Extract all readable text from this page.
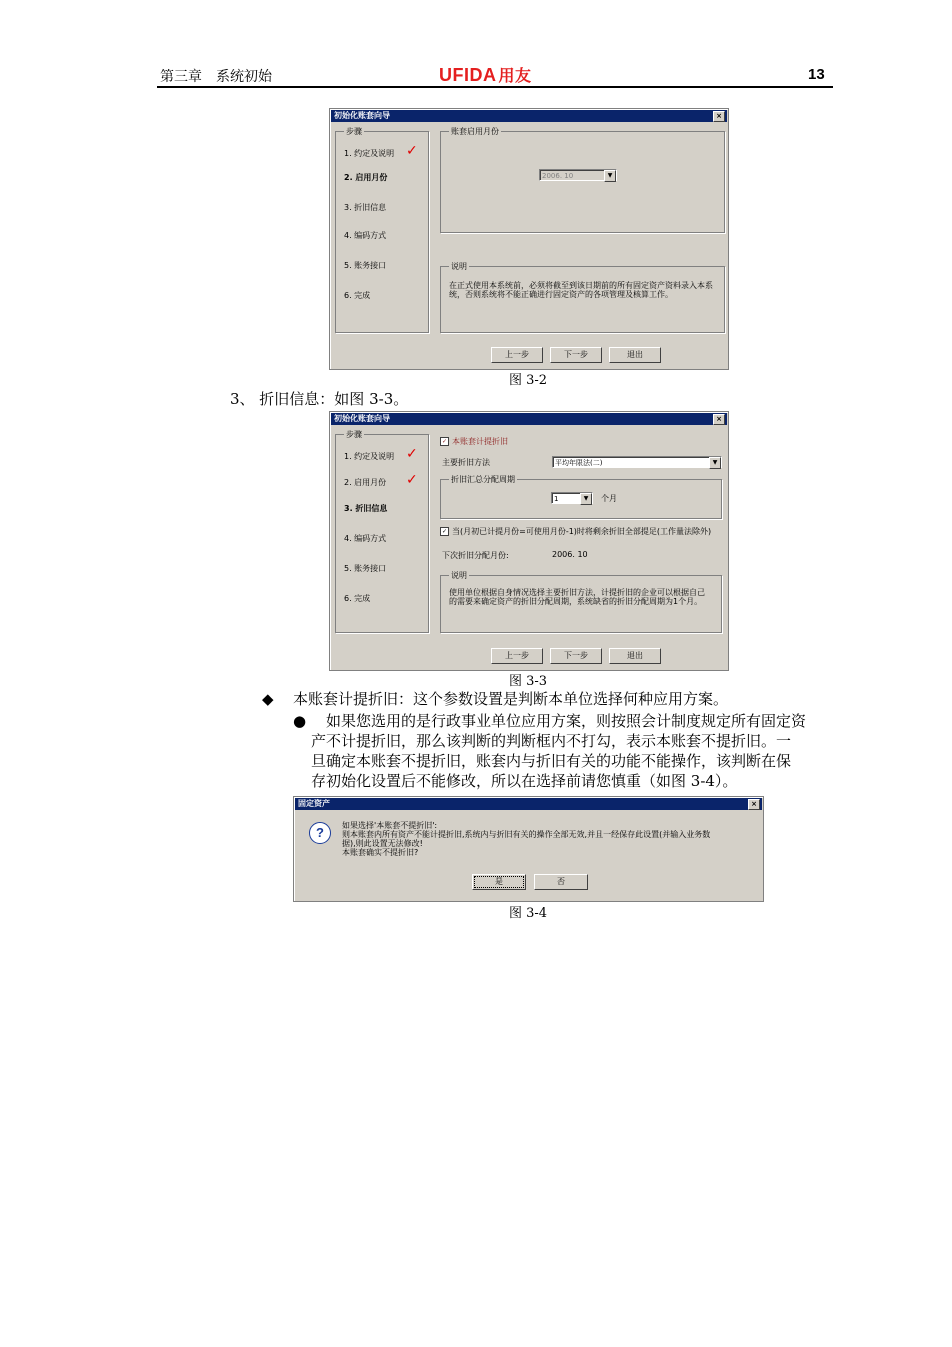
第三章　系统初始	UFIDA 用友	13
初始化账套向导	×
步骤
1. 约定及说明 ✓
2. 启用月份
3. 折旧信息
4. 编码方式
5. 账务接口
6. 完成
账套启用月份
2006. 10	▼
说明
在正式使用本系统前，必须将截至到该日期前的所有固定资产资料录入本系统，否则系统将不能正确进行固定资产的各项管理及核算工作。
上一步	下一步	退出
图 3-2
3、 折旧信息：如图 3-3。
初始化账套向导	×
步骤
1. 约定及说明 ✓
2. 启用月份 ✓
3. 折旧信息
4. 编码方式
5. 账务接口
6. 完成
✓ 本账套计提折旧
主要折旧方法	平均年限法(二)	▼
折旧汇总分配周期
1	▼	个月
✓ 当(月初已计提月份=可使用月份-1)时将剩余折旧全部提足(工作量法除外)
下次折旧分配月份:	2006. 10
说明
使用单位根据自身情况选择主要折旧方法，计提折旧的企业可以根据自己的需要来确定资产的折旧分配周期，系统缺省的折旧分配周期为1个月。
上一步	下一步	退出
图 3-3
◆ 本账套计提折旧：这个参数设置是判断本单位选择何种应用方案。
● 如果您选用的是行政事业单位应用方案，则按照会计制度规定所有固定资
产不计提折旧，那么该判断的判断框内不打勾，表示本账套不提折旧。一
旦确定本账套不提折旧，账套内与折旧有关的功能不能操作，该判断在保
存初始化设置后不能修改，所以在选择前请您慎重（如图 3-4）。
固定资产	×
?	如果选择'本账套不提折旧':
则本账套内所有资产不能计提折旧,系统内与折旧有关的操作全部无效,并且一经保存此设置(并输入业务数
据),则此设置无法修改!
本账套确实不提折旧?
是	否
图 3-4
